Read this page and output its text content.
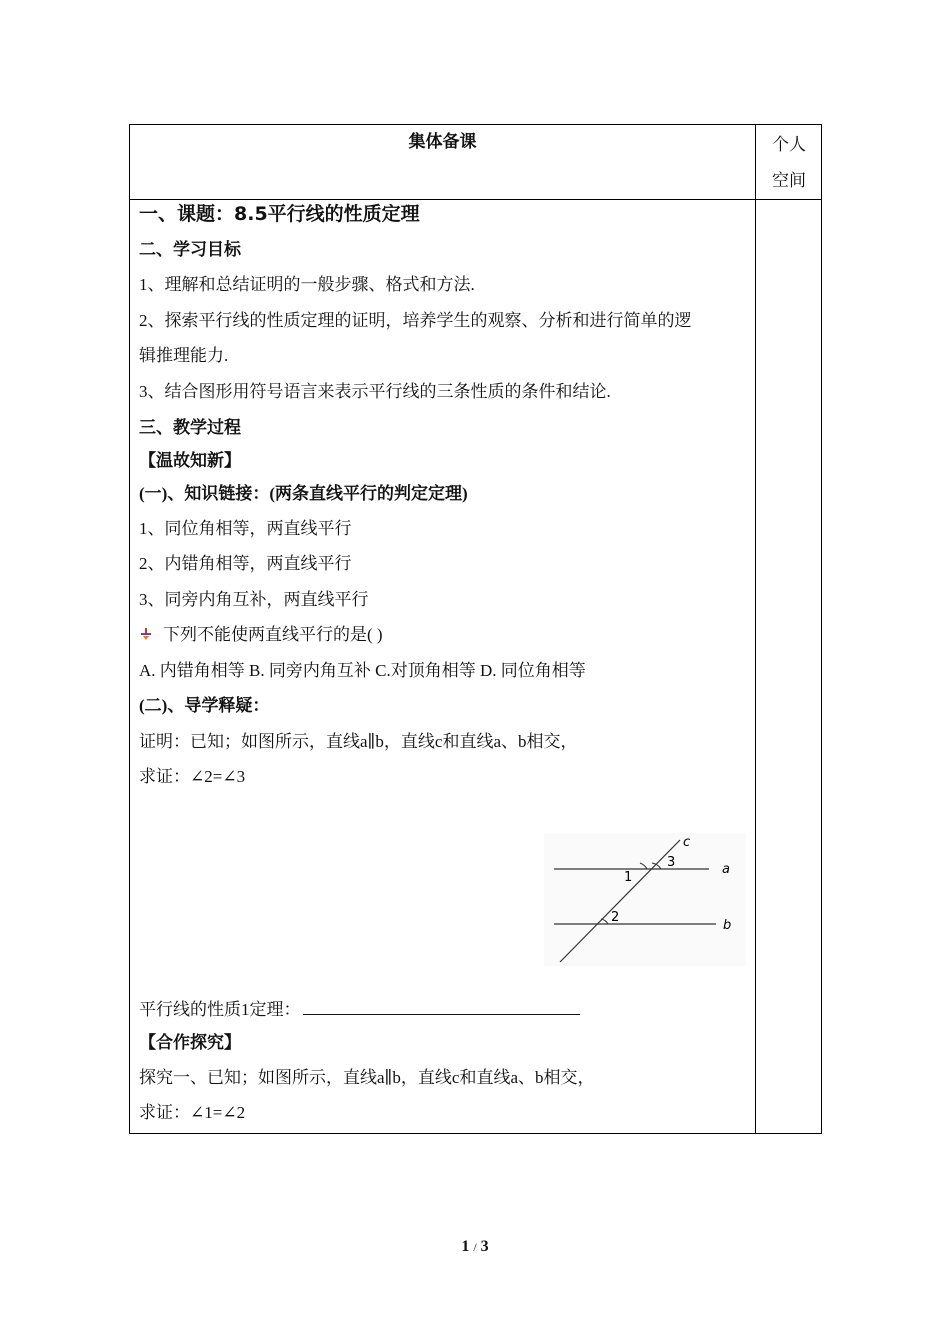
集体备课	个人
空间
一、课题：8.5平行线的性质定理
二、学习目标
1、理解和总结证明的一般步骤、格式和方法.
2、探索平行线的性质定理的证明，培养学生的观察、分析和进行简单的逻
辑推理能力.
3、结合图形用符号语言来表示平行线的三条性质的条件和结论.
三、教学过程
【温故知新】
(一)、知识链接：(两条直线平行的判定定理)
1、同位角相等，两直线平行
2、内错角相等，两直线平行
3、同旁内角互补，两直线平行
下列不能使两直线平行的是( )
A. 内错角相等 B. 同旁内角互补 C.对顶角相等 D. 同位角相等
(二)、导学释疑：
证明：已知；如图所示，直线a∥b，直线c和直线a、b相交，
求证：∠2=∠3
平行线的性质1定理：
【合作探究】
探究一、已知；如图所示，直线a∥b，直线c和直线a、b相交，
求证：∠1=∠2
c
a
b
1
3
2
1 / 3
